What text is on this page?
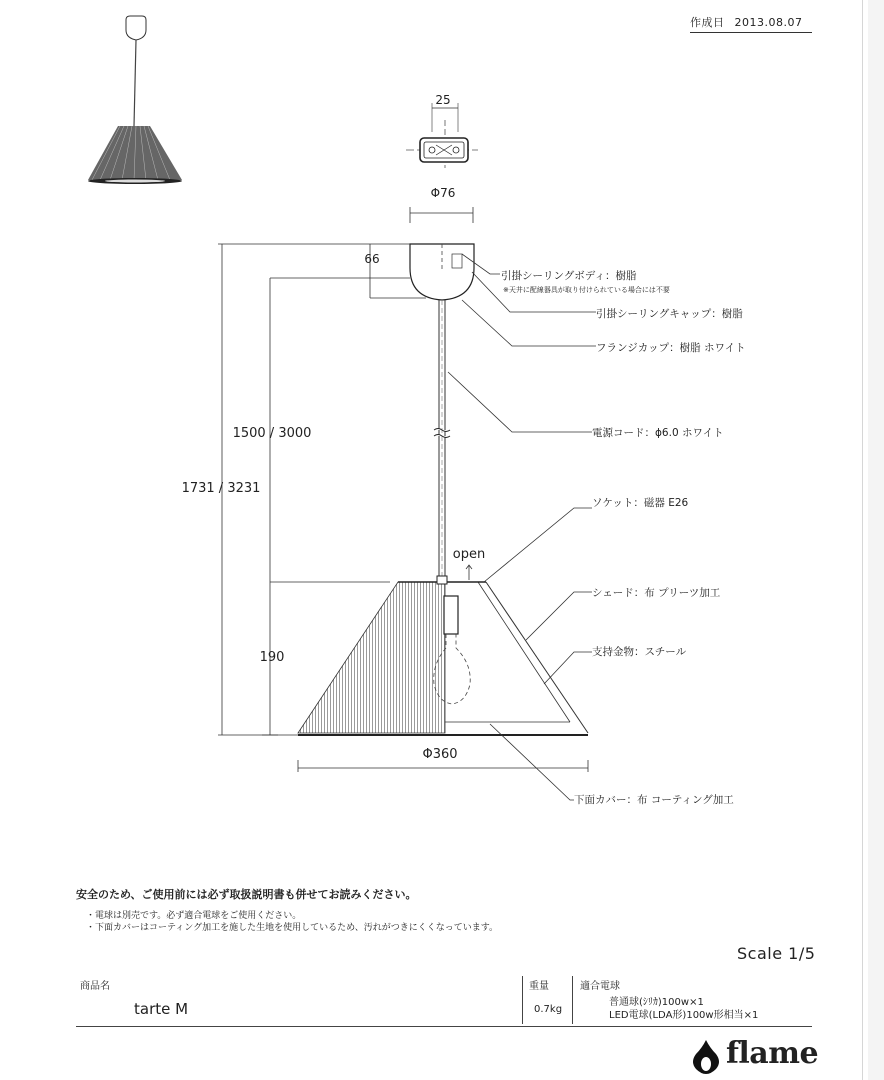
作成日 2013.08.07
25
Φ76
66
1500 / 3000
1731 / 3231
190
open
Φ360
引掛シーリングボディ：樹脂
※天井に配線器具が取り付けられている場合には不要
引掛シーリングキャップ：樹脂
フランジカップ：樹脂 ホワイト
電源コード：ϕ6.0 ホワイト
ソケット：磁器 E26
シェード：布 プリーツ加工
支持金物：スチール
下面カバー：布 コーティング加工
安全のため、ご使用前には必ず取扱説明書も併せてお読みください。
・電球は別売です。必ず適合電球をご使用ください。
・下面カバーはコーティング加工を施した生地を使用しているため、汚れがつきにくくなっています。
Scale 1/5
商品名
tarte M
重量
0.7kg
適合電球
普通球(ｼﾘｶ)100w×1
LED電球(LDA形)100w形相当×1
flame
